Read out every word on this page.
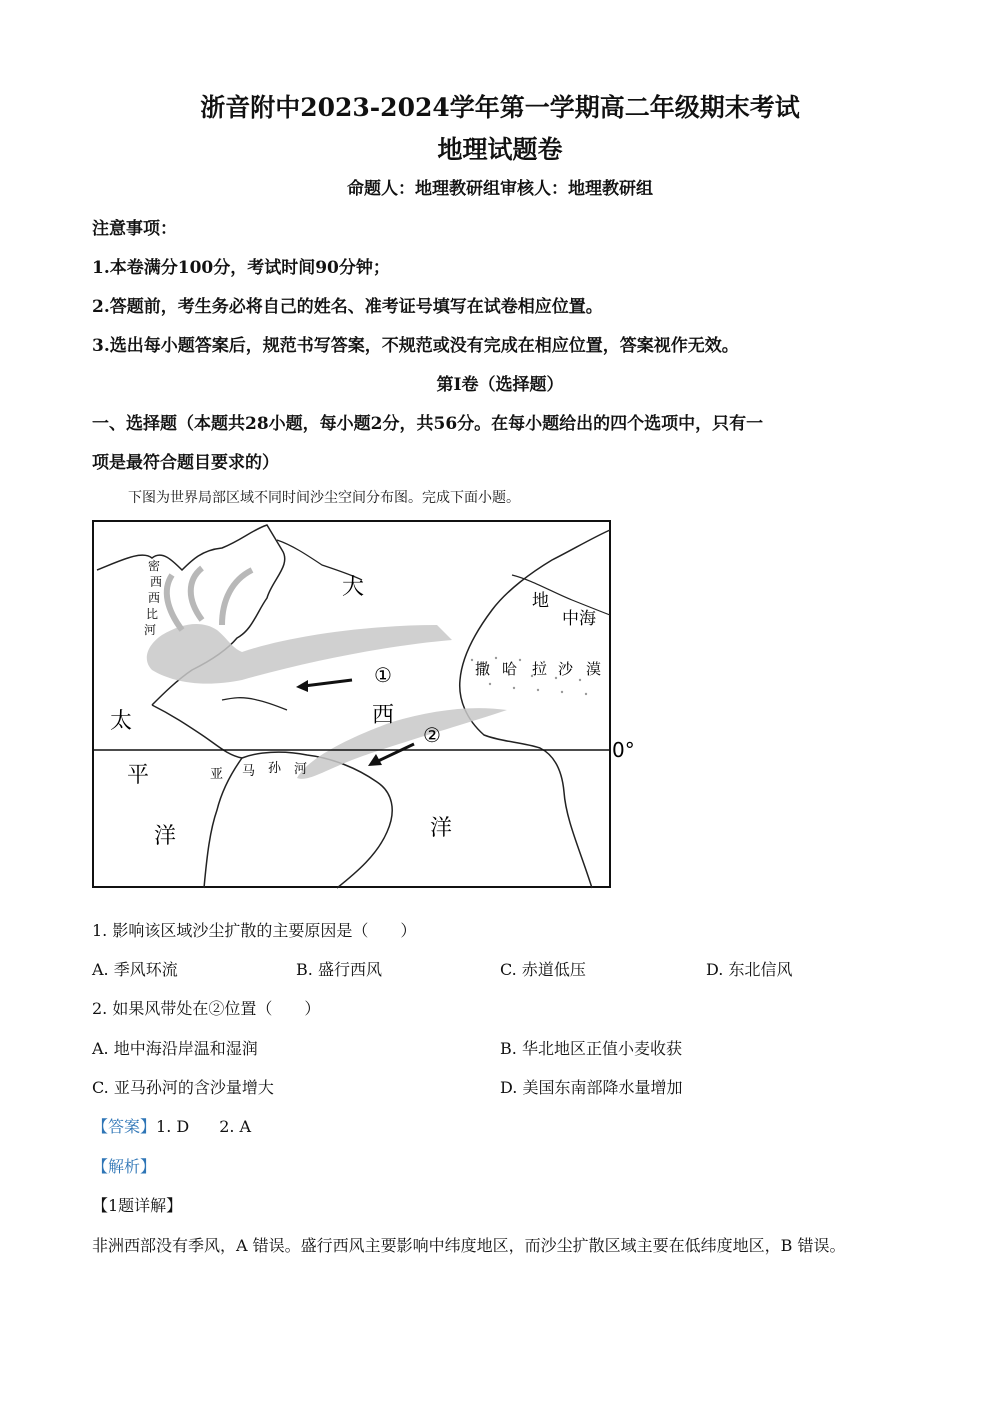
浙音附中2023-2024学年第一学期高二年级期末考试
地理试题卷
命题人：地理教研组审核人：地理教研组
注意事项：
1.本卷满分100分，考试时间90分钟；
2.答题前，考生务必将自己的姓名、准考证号填写在试卷相应位置。
3.选出每小题答案后，规范书写答案，不规范或没有完成在相应位置，答案视作无效。
第I卷（选择题）
一、选择题（本题共28小题，每小题2分，共56分。在每小题给出的四个选项中，只有一
项是最符合题目要求的）
下图为世界局部区域不同时间沙尘空间分布图。完成下面小题。
大
西
洋
太
平
洋
密
西
西
比
河
地
中海
撒 哈 拉 沙 漠
亚 马 孙 河
①
②
0°
1. 影响该区域沙尘扩散的主要原因是（　　）
A. 季风环流	B. 盛行西风	C. 赤道低压	D. 东北信风
2. 如果风带处在②位置（　　）
A. 地中海沿岸温和湿润	B. 华北地区正值小麦收获
C. 亚马孙河的含沙量增大	D. 美国东南部降水量增加
【答案】1. D 2. A
【解析】
【1题详解】
非洲西部没有季风，A 错误。盛行西风主要影响中纬度地区，而沙尘扩散区域主要在低纬度地区，B 错误。
